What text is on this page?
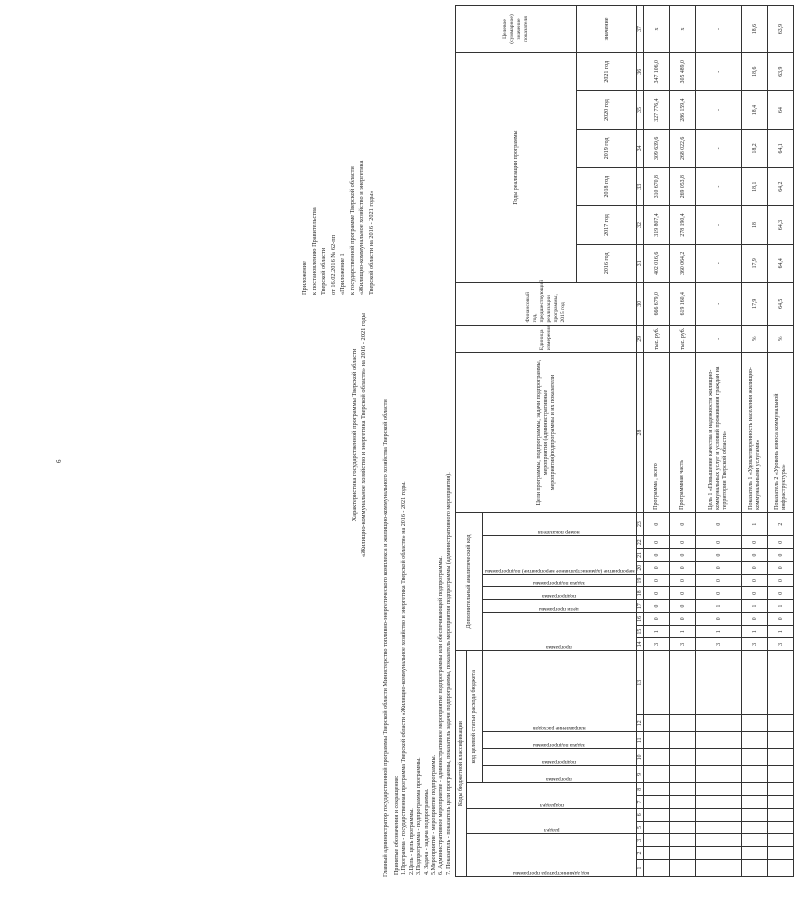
6
Приложение к постановлению Правительства Тверской области от 16.02.2016 № 62-пп «Приложение 1 к государственной программе Тверской области «Жилищно-коммунальное хозяйство и энергетика Тверской области на 2016 - 2021 годы»
Характеристика государственной программы Тверской области «Жилищно-коммунальное хозяйство и энергетика Тверской области» на 2016 - 2021 годы Главный администратор государственной программы Тверской области Министерство топливно-энергетического комплекса и жилищно-коммунального хозяйства Тверской области Принятые обозначения и сокращения: 1.Программа - государственная программа Тверской области «Жилищно-коммунальное хозяйство и энергетика Тверской области» на 2016 - 2021 годы. 2.Цель - цель программы. 3.Подпрограмма - подпрограмма программы. 4. Задача - задача подпрограммы. 5.Мероприятие - мероприятие подпрограммы. 6. Административное мероприятие - административное мероприятие подпрограммы или обеспечивающей подпрограммы. 7. Показатель - показатель цели программы, показатель задачи подпрограммы, показатель мероприятия подпрограммы (административного мероприятия). Коды бюджетной классификации												Дополнительный аналитический код										Цели программы, подпрограммы, задачи подпрограммы, мероприятия (административные мероприятия)подпрограммы и их показатели	Единица измерения	Финансовый год, предшествующий реализации программы, 2015 год	Годы реализации программы						Целевое (суммарное) значение показателя

код администратора программы			раздел		подраздел		код целевой статьи расхода бюджета																								

							программа	подпрограмма	задача подпрограммы	направление расходов		программа			цели программы	подпрограмма	задача подпрограммы	мероприятие (административное мероприятие) подпрограммы			номер показателя										

																									2016 год	2017 год	2018 год	2019 год	2020 год	2021 год	значение
1	2	3	5	6	7	8	9	10	11	12	13	14	15	16	17	18	19	20	21	22	23	28	29	30	31	32	33	34	35	36	37
												3	1	0	0	0	0	0	0	0	0	Программа , всего	тыс. руб.	666 679,0	402 016,6	319 807,4	310 670,8	309 639,6	327 776,4	347 106,0	х
												3	1	0	0	0	0	0	0	0	0	Программная часть	тыс. руб.	619 160,4	360 064,2	278 190,4	269 053,8	268 022,6	286 159,4	305 489,0	х
												3	1	0	1	0	0	0	0	0	0	Цель 1 «Повышение качества и надежности жилищно-коммунальных услуг и условий проживания граждан на территории Тверской области»	-	-	-	-	-	-	-	-	-
												3	1	0	1	0	0	0	0	0	1	Показатель 1 «Удовлетворенность населения жилищно-коммунальными услугами»	%	17,9	17,9	18	18,1	18,2	18,4	18,6	18,6
												3	1	0	1	0	0	0	0	0	2	Показатель 2 «Уровень износа коммунальной инфраструктуры»	%	64,5	64,4	64,3	64,2	64,1	64	63,9	63,9
